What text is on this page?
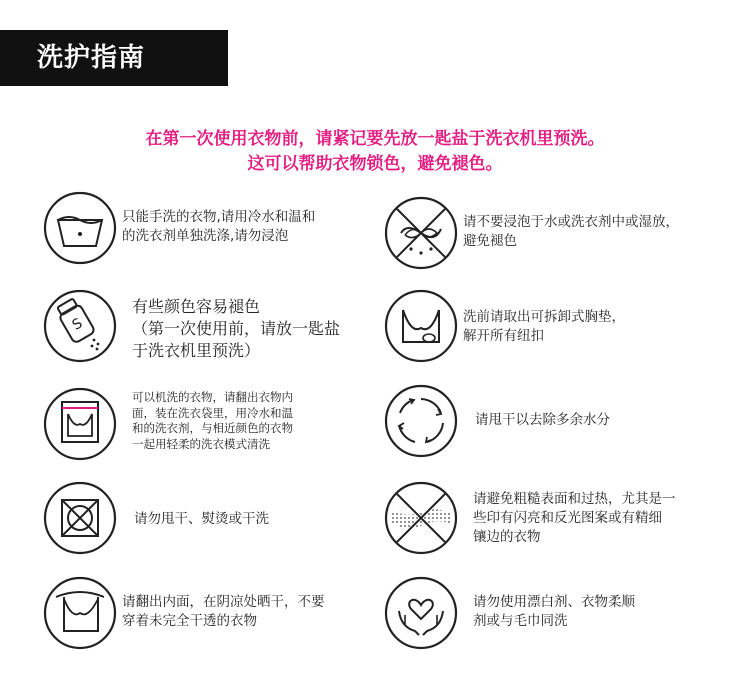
洗护指南
在第一次使用衣物前，请紧记要先放一匙盐于洗衣机里预洗。
这可以帮助衣物锁色，避免褪色。
只能手洗的衣物,请用冷水和温和
的洗衣剂单独洗涤,请勿浸泡
请不要浸泡于水或洗衣剂中或湿放，
避免褪色
S
有些颜色容易褪色
（第一次使用前，请放一匙盐
于洗衣机里预洗）
洗前请取出可拆卸式胸垫，
解开所有纽扣
可以机洗的衣物，请翻出衣物内
面，装在洗衣袋里，用冷水和温
和的洗衣剂，与相近颜色的衣物
一起用轻柔的洗衣模式清洗
请甩干以去除多余水分
请勿甩干、熨烫或干洗
请避免粗糙表面和过热，尤其是一
些印有闪亮和反光图案或有精细
镶边的衣物
请翻出内面，在阴凉处晒干，不要
穿着未完全干透的衣物
请勿使用漂白剂、衣物柔顺
剂或与毛巾同洗
